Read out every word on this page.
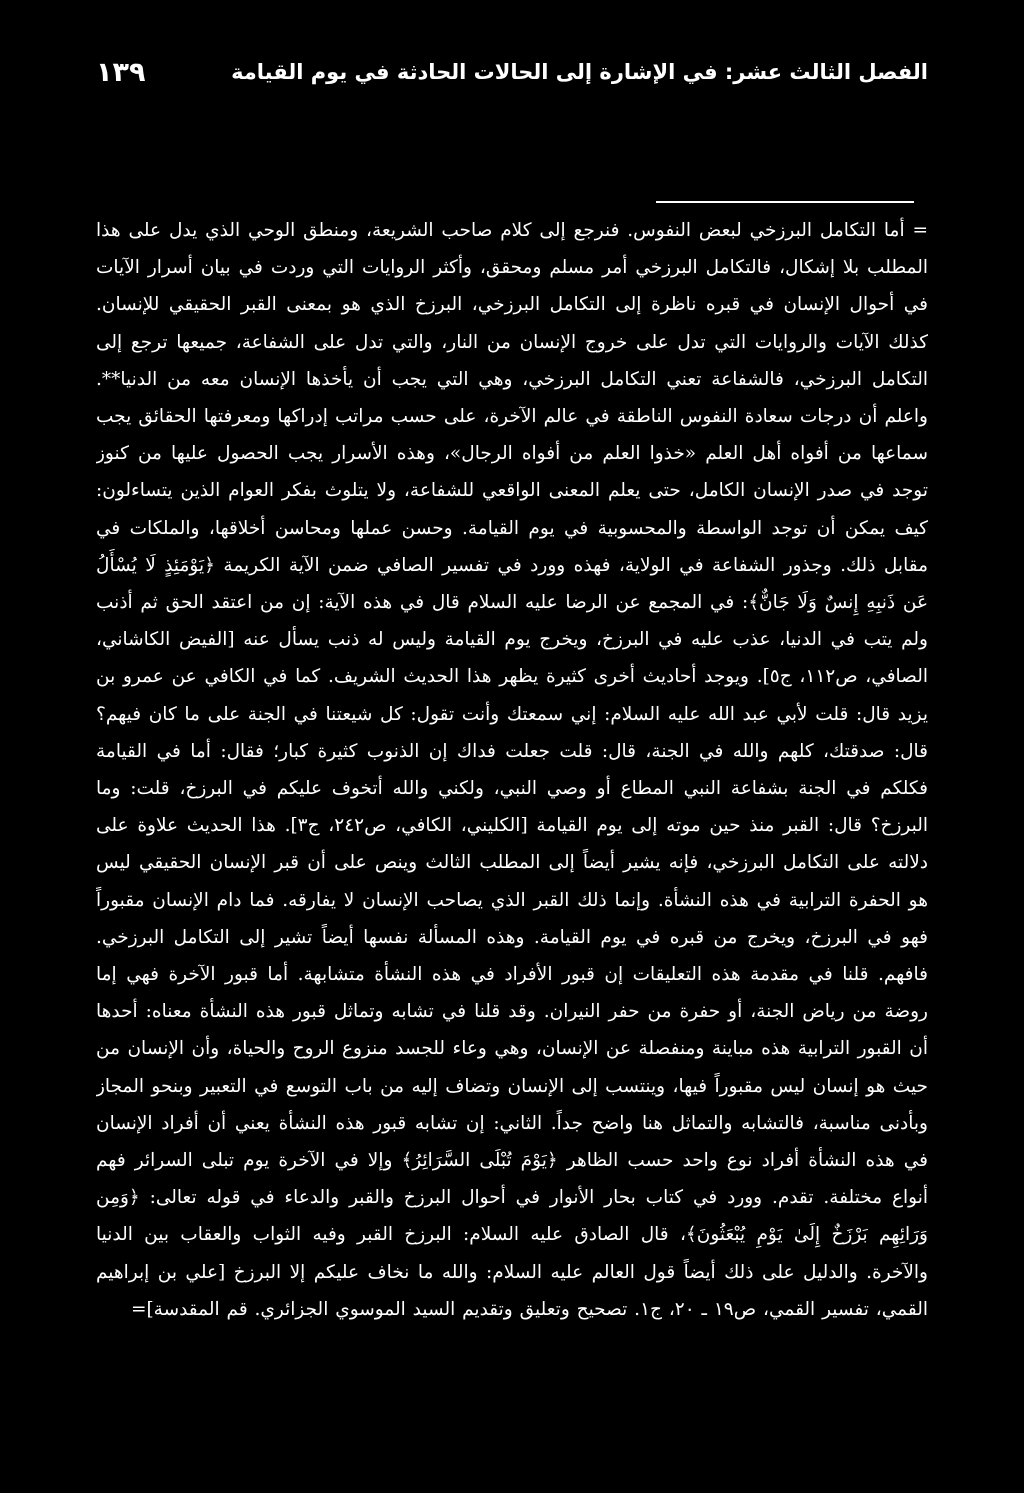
الفصل الثالث عشر: في الإشارة إلى الحالات الحادثة في يوم القيامة
١٣٩

= أما التكامل البرزخي لبعض النفوس. فنرجع إلى كلام صاحب الشريعة، ومنطق الوحي الذي يدل على هذا المطلب بلا إشكال، فالتكامل البرزخي أمر مسلم ومحقق، وأكثر الروايات التي وردت في بيان أسرار الآيات في أحوال الإنسان في قبره ناظرة إلى التكامل البرزخي، البرزخ الذي هو بمعنى القبر الحقيقي للإنسان. كذلك الآيات والروايات التي تدل على خروج الإنسان من النار، والتي تدل على الشفاعة، جميعها ترجع إلى التكامل البرزخي، فالشفاعة تعني التكامل البرزخي، وهي التي يجب أن يأخذها الإنسان معه من الدنيا**. واعلم أن درجات سعادة النفوس الناطقة في عالم الآخرة، على حسب مراتب إدراكها ومعرفتها الحقائق يجب سماعها من أفواه أهل العلم «خذوا العلم من أفواه الرجال»، وهذه الأسرار يجب الحصول عليها من كنوز توجد في صدر الإنسان الكامل، حتى يعلم المعنى الواقعي للشفاعة، ولا يتلوث بفكر العوام الذين يتساءلون: كيف يمكن أن توجد الواسطة والمحسوبية في يوم القيامة. وحسن عملها ومحاسن أخلاقها، والملكات في مقابل ذلك. وجذور الشفاعة في الولاية، فهذه وورد في تفسير الصافي ضمن الآية الكريمة ﴿يَوْمَئِذٍ لَا يُسْأَلُ عَن ذَنبِهِ إِنسٌ وَلَا جَانٌّ﴾: في المجمع عن الرضا عليه السلام قال في هذه الآية: إن من اعتقد الحق ثم أذنب ولم يتب في الدنيا، عذب عليه في البرزخ، ويخرج يوم القيامة وليس له ذنب يسأل عنه [الفيض الكاشاني، الصافي، ص١١٢، ج٥]. ويوجد أحاديث أخرى كثيرة يظهر هذا الحديث الشريف. كما في الكافي عن عمرو بن يزيد قال: قلت لأبي عبد الله عليه السلام: إني سمعتك وأنت تقول: كل شيعتنا في الجنة على ما كان فيهم؟ قال: صدقتك، كلهم والله في الجنة، قال: قلت جعلت فداك إن الذنوب كثيرة كبار؛ فقال: أما في القيامة فكلكم في الجنة بشفاعة النبي المطاع أو وصي النبي، ولكني والله أتخوف عليكم في البرزخ، قلت: وما البرزخ؟ قال: القبر منذ حين موته إلى يوم القيامة [الكليني، الكافي، ص٢٤٢، ج٣]. هذا الحديث علاوة على دلالته على التكامل البرزخي، فإنه يشير أيضاً إلى المطلب الثالث وينص على أن قبر الإنسان الحقيقي ليس هو الحفرة الترابية في هذه النشأة. وإنما ذلك القبر الذي يصاحب الإنسان لا يفارقه. فما دام الإنسان مقبوراً فهو في البرزخ، ويخرج من قبره في يوم القيامة. وهذه المسألة نفسها أيضاً تشير إلى التكامل البرزخي. فافهم. قلنا في مقدمة هذه التعليقات إن قبور الأفراد في هذه النشأة متشابهة. أما قبور الآخرة فهي إما روضة من رياض الجنة، أو حفرة من حفر النيران. وقد قلنا في تشابه وتماثل قبور هذه النشأة معناه: أحدها أن القبور الترابية هذه مباينة ومنفصلة عن الإنسان، وهي وعاء للجسد منزوع الروح والحياة، وأن الإنسان من حيث هو إنسان ليس مقبوراً فيها، وينتسب إلى الإنسان وتضاف إليه من باب التوسع في التعبير وبنحو المجاز وبأدنى مناسبة، فالتشابه والتماثل هنا واضح جداً. الثاني: إن تشابه قبور هذه النشأة يعني أن أفراد الإنسان في هذه النشأة أفراد نوع واحد حسب الظاهر ﴿يَوْمَ تُبْلَى السَّرَائِرُ﴾ وإلا في الآخرة يوم تبلى السرائر فهم أنواع مختلفة. تقدم. وورد في كتاب بحار الأنوار في أحوال البرزخ والقبر والدعاء في قوله تعالى: ﴿وَمِن وَرَائِهِم بَرْزَخٌ إِلَىٰ يَوْمِ يُبْعَثُونَ﴾، قال الصادق عليه السلام: البرزخ القبر وفيه الثواب والعقاب بين الدنيا والآخرة. والدليل على ذلك أيضاً قول العالم عليه السلام: والله ما نخاف عليكم إلا البرزخ [علي بن إبراهيم القمي، تفسير القمي، ص١٩ ـ ٢٠، ج١. تصحيح وتعليق وتقديم السيد الموسوي الجزائري. قم المقدسة]=
